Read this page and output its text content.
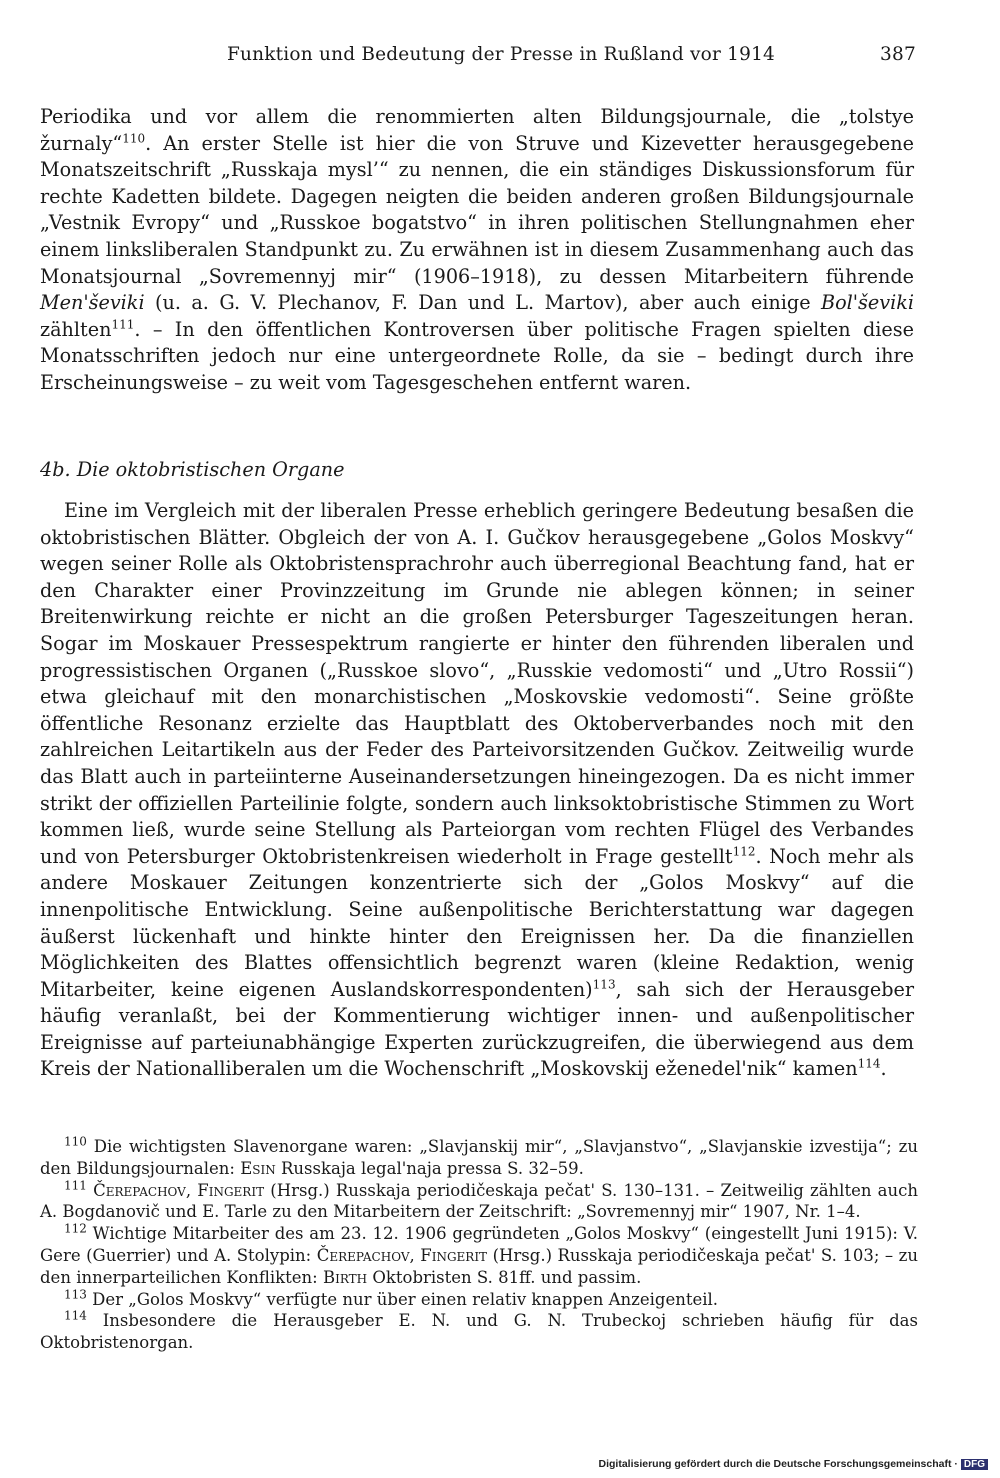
Funktion und Bedeutung der Presse in Rußland vor 1914	387

Periodika und vor allem die renommierten alten Bildungsjournale, die „tolstye žurnaly“$^{110}$. An erster Stelle ist hier die von Struve und Kizevetter herausgegebene Monatszeitschrift „Russkaja mysl’“ zu nennen, die ein ständiges Diskussionsforum für rechte Kadetten bildete. Dagegen neigten die beiden anderen großen Bildungsjournale „Vestnik Evropy“ und „Russkoe bogatstvo“ in ihren politischen Stellungnahmen eher einem linksliberalen Standpunkt zu. Zu erwähnen ist in diesem Zusammenhang auch das Monatsjournal „Sovremennyj mir“ (1906–1918), zu dessen Mitarbeitern führende Men'ševiki (u. a. G. V. Plechanov, F. Dan und L. Martov), aber auch einige Bol'ševiki zählten$^{111}$. – In den öffentlichen Kontroversen über politische Fragen spielten diese Monatsschriften jedoch nur eine untergeordnete Rolle, da sie – bedingt durch ihre Erscheinungsweise – zu weit vom Tagesgeschehen entfernt waren.

4b. Die oktobristischen Organe

Eine im Vergleich mit der liberalen Presse erheblich geringere Bedeutung besaßen die oktobristischen Blätter. Obgleich der von A. I. Gučkov herausgegebene „Golos Moskvy“ wegen seiner Rolle als Oktobristensprachrohr auch überregional Beachtung fand, hat er den Charakter einer Provinzzeitung im Grunde nie ablegen können; in seiner Breitenwirkung reichte er nicht an die großen Petersburger Tageszeitungen heran. Sogar im Moskauer Pressespektrum rangierte er hinter den führenden liberalen und progressistischen Organen („Russkoe slovo“, „Russkie vedomosti“ und „Utro Rossii“) etwa gleichauf mit den monarchistischen „Moskovskie vedomosti“. Seine größte öffentliche Resonanz erzielte das Hauptblatt des Oktoberverbandes noch mit den zahlreichen Leitartikeln aus der Feder des Parteivorsitzenden Gučkov. Zeitweilig wurde das Blatt auch in parteiinterne Auseinandersetzungen hineingezogen. Da es nicht immer strikt der offiziellen Parteilinie folgte, sondern auch linksoktobristische Stimmen zu Wort kommen ließ, wurde seine Stellung als Parteiorgan vom rechten Flügel des Verbandes und von Petersburger Oktobristenkreisen wiederholt in Frage gestellt$^{112}$. Noch mehr als andere Moskauer Zeitungen konzentrierte sich der „Golos Moskvy“ auf die innenpolitische Entwicklung. Seine außenpolitische Berichterstattung war dagegen äußerst lückenhaft und hinkte hinter den Ereignissen her. Da die finanziellen Möglichkeiten des Blattes offensichtlich begrenzt waren (kleine Redaktion, wenig Mitarbeiter, keine eigenen Auslandskorrespondenten)$^{113}$, sah sich der Herausgeber häufig veranlaßt, bei der Kommentierung wichtiger innen- und außenpolitischer Ereignisse auf parteiunabhängige Experten zurückzugreifen, die überwiegend aus dem Kreis der Nationalliberalen um die Wochenschrift „Moskovskij eženedel'nik“ kamen$^{114}$.

$^{110}$ Die wichtigsten Slavenorgane waren: „Slavjanskij mir“, „Slavjanstvo“, „Slavjanskie izvestija“; zu den Bildungsjournalen: Esin Russkaja legal'naja pressa S. 32–59.

$^{111}$ Čerepachov, Fingerit (Hrsg.) Russkaja periodičeskaja pečat' S. 130–131. – Zeitweilig zählten auch A. Bogdanovič und E. Tarle zu den Mitarbeitern der Zeitschrift: „Sovremennyj mir“ 1907, Nr. 1–4.

$^{112}$ Wichtige Mitarbeiter des am 23. 12. 1906 gegründeten „Golos Moskvy“ (eingestellt Juni 1915): V. Gere (Guerrier) und A. Stolypin: Čerepachov, Fingerit (Hrsg.) Russkaja periodičeskaja pečat' S. 103; – zu den innerparteilichen Konflikten: Birth Oktobristen S. 81ff. und passim.

$^{113}$ Der „Golos Moskvy“ verfügte nur über einen relativ knappen Anzeigenteil.

$^{114}$ Insbesondere die Herausgeber E. N. und G. N. Trubeckoj schrieben häufig für das Oktobristenorgan.

Digitalisierung gefördert durch die Deutsche Forschungsgemeinschaft · DFG
